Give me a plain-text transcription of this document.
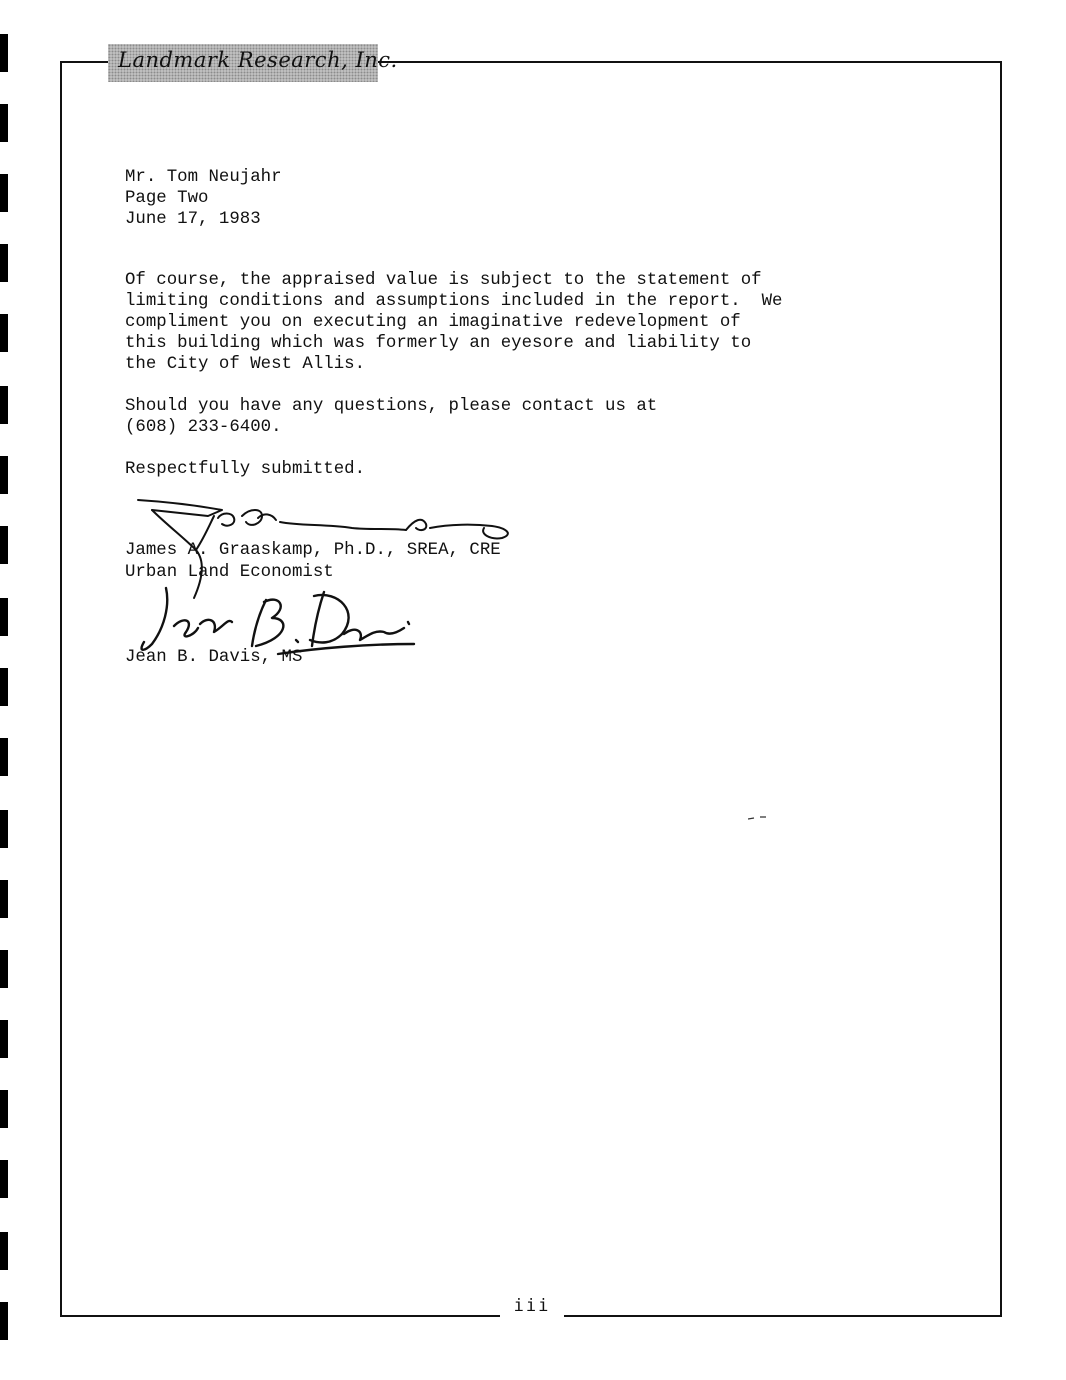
Landmark Research, Inc.
iii
Mr. Tom Neujahr
Page Two
June 17, 1983
Of course, the appraised value is subject to the statement of
limiting conditions and assumptions included in the report.  We
compliment you on executing an imaginative redevelopment of
this building which was formerly an eyesore and liability to
the City of West Allis.
Should you have any questions, please contact us at
(608) 233-6400.
Respectfully submitted.
James A. Graaskamp, Ph.D., SREA, CRE
Urban Land Economist
Jean B. Davis, MS
